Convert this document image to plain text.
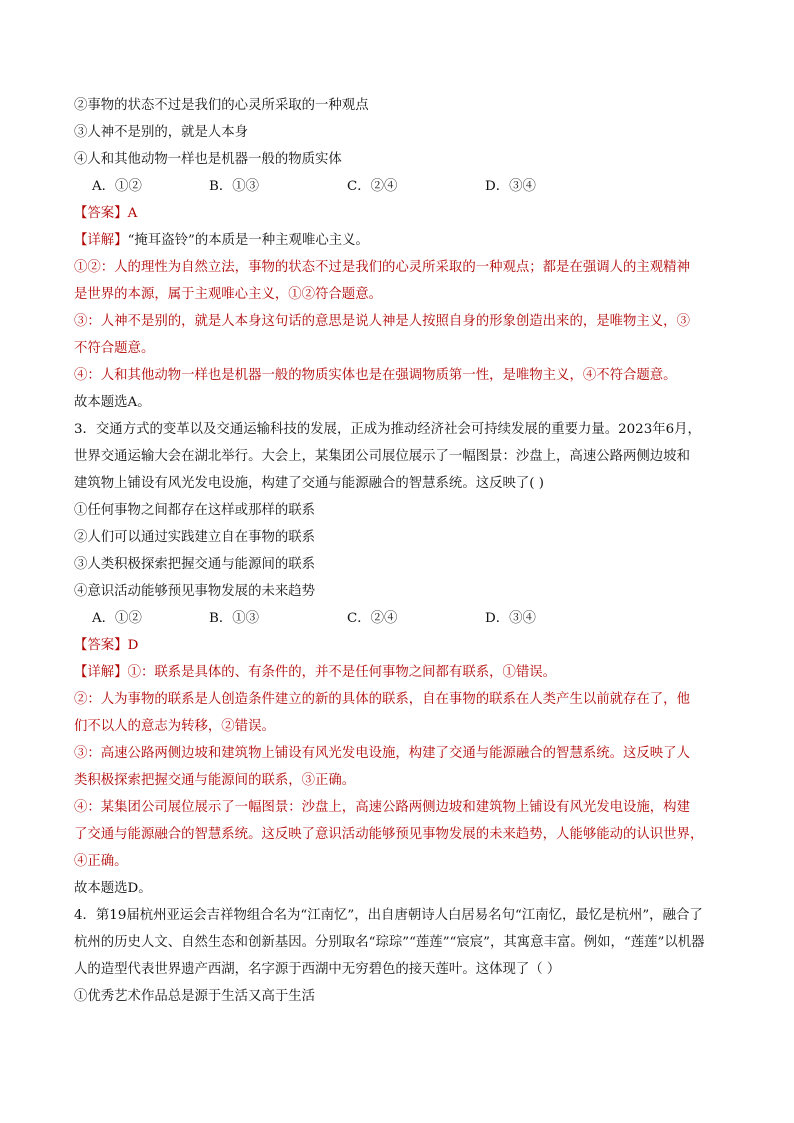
②事物的状态不过是我们的心灵所采取的一种观点
③人神不是别的，就是人本身
④人和其他动物一样也是机器一般的物质实体
A．①②	B．①③	C．②④	D．③④
【答案】A
【详解】“掩耳盗铃”的本质是一种主观唯心主义。
①②：人的理性为自然立法，事物的状态不过是我们的心灵所采取的一种观点；都是在强调人的主观精神
是世界的本源，属于主观唯心主义，①②符合题意。
③：人神不是别的，就是人本身这句话的意思是说人神是人按照自身的形象创造出来的，是唯物主义，③
不符合题意。
④：人和其他动物一样也是机器一般的物质实体也是在强调物质第一性，是唯物主义，④不符合题意。
故本题选A。
3．交通方式的变革以及交通运输科技的发展，正成为推动经济社会可持续发展的重要力量。2023年6月，
世界交通运输大会在湖北举行。大会上，某集团公司展位展示了一幅图景：沙盘上，高速公路两侧边坡和
建筑物上铺设有风光发电设施，构建了交通与能源融合的智慧系统。这反映了( )
①任何事物之间都存在这样或那样的联系
②人们可以通过实践建立自在事物的联系
③人类积极探索把握交通与能源间的联系
④意识活动能够预见事物发展的未来趋势
A．①②	B．①③	C．②④	D．③④
【答案】D
【详解】①：联系是具体的、有条件的，并不是任何事物之间都有联系，①错误。
②：人为事物的联系是人创造条件建立的新的具体的联系，自在事物的联系在人类产生以前就存在了，他
们不以人的意志为转移，②错误。
③：高速公路两侧边坡和建筑物上铺设有风光发电设施，构建了交通与能源融合的智慧系统。这反映了人
类积极探索把握交通与能源间的联系，③正确。
④：某集团公司展位展示了一幅图景：沙盘上，高速公路两侧边坡和建筑物上铺设有风光发电设施，构建
了交通与能源融合的智慧系统。这反映了意识活动能够预见事物发展的未来趋势，人能够能动的认识世界，
④正确。
故本题选D。
4．第19届杭州亚运会吉祥物组合名为“江南忆”，出自唐朝诗人白居易名句“江南忆，最忆是杭州”，融合了
杭州的历史人文、自然生态和创新基因。分别取名“琮琮”“莲莲”“宸宸”，其寓意丰富。例如，“莲莲”以机器
人的造型代表世界遗产西湖，名字源于西湖中无穷碧色的接天莲叶。这体现了（ ）
①优秀艺术作品总是源于生活又高于生活
